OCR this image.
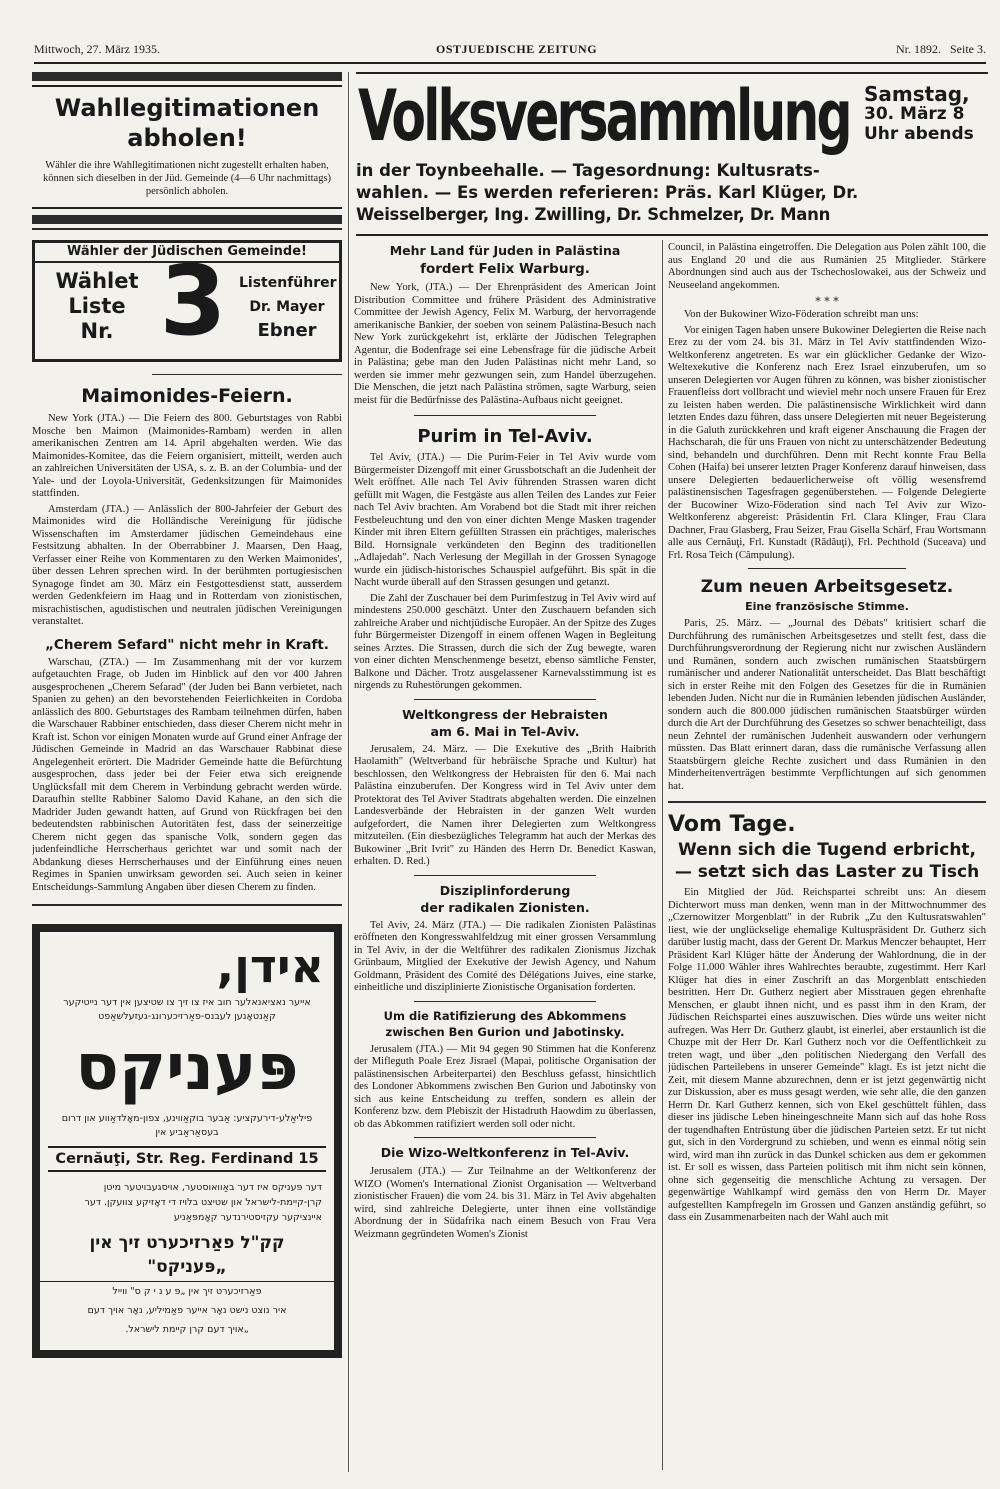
Mittwoch, 27. März 1935.	OSTJUEDISCHE ZEITUNG	Nr. 1892. Seite 3.
Wahllegitimationen
abholen!

Wähler die ihre Wahllegitimationen nicht zugestellt erhalten haben, können sich dieselben in der Jüd. Gemeinde (4—6 Uhr nachmittags) persönlich abholen.

Wähler der Jüdischen Gemeinde!
Wählet
Liste
Nr. 3 Listenführer
Dr. Mayer
Ebner
Maimonides-Feiern.

New York (JTA.) — Die Feiern des 800. Geburtstages von Rabbi Mosche ben Maimon (Maimonides-Rambam) werden in allen amerikanischen Zentren am 14. April abgehalten werden. Wie das Maimonides-Komitee, das die Feiern organisiert, mitteilt, werden auch an zahlreichen Universitäten der USA, s. z. B. an der Columbia- und der Yale- und der Loyola-Universität, Gedenksitzungen für Maimonides stattfinden.

Amsterdam (JTA.) — Anlässlich der 800-Jahrfeier der Geburt des Maimonides wird die Holländische Vereinigung für jüdische Wissenschaften im Amsterdamer jüdischen Gemeindehaus eine Festsitzung abhalten. In der Oberrabbiner J. Maarsen, Den Haag, Verfasser einer Reihe von Kommentaren zu den Werken Maimonides', über dessen Lehren sprechen wird. In der berühmten portugiesischen Synagoge findet am 30. März ein Festgottesdienst statt, ausserdem werden Gedenkfeiern im Haag und in Rotterdam von zionistischen, misrachistischen, agudistischen und neutralen jüdischen Vereinigungen veranstaltet.

„Cherem Sefard" nicht mehr in Kraft.

Warschau, (ZTA.) — Im Zusammenhang mit der vor kurzem aufgetauchten Frage, ob Juden im Hinblick auf den vor 400 Jahren ausgesprochenen „Cherem Sefarad" (der Juden bei Bann verbietet, nach Spanien zu gehen) an den bevorstehenden Feierlichkeiten in Cordoba anlässlich des 800. Geburtstages des Rambam teilnehmen dürfen, haben die Warschauer Rabbiner entschieden, dass dieser Cherem nicht mehr in Kraft ist. Schon vor einigen Monaten wurde auf Grund einer Anfrage der Jüdischen Gemeinde in Madrid an das Warschauer Rabbinat diese Angelegenheit erörtert. Die Madrider Gemeinde hatte die Befürchtung ausgesprochen, dass jeder bei der Feier etwa sich ereignende Unglücksfall mit dem Cherem in Verbindung gebracht werden würde. Daraufhin stellte Rabbiner Salomo David Kahane, an den sich die Madrider Juden gewandt hatten, auf Grund von Rückfragen bei den bedeutendsten rabbinischen Autoritäten fest, dass der seinerzeitige Cherem nicht gegen das spanische Volk, sondern gegen das judenfeindliche Herrscherhaus gerichtet war und somit nach der Abdankung dieses Herrscherhauses und der Einführung eines neuen Regimes in Spanien unwirksam geworden sei. Auch seien in keiner Entscheidungs-Sammlung Angaben über diesen Cherem zu finden.

אידן,
אייער נאציאנאלער חוב איז צו זיך צו שטיצען אין דער נייטיקער קאַנטאָנען לעבנס-פאַרזיכערונג-געזעלשאַפט
פּעניקס
פיליאַלע-דירעקציע: אַבער בוקאַווינע, צפון-מאָלדאַווע און דרום בעסאַראַביע אין
Cernăuţi, Str. Reg. Ferdinand 15
דער פּעניקס איז דער באַוואוסטער, אויסגעבויטער מיטן קרן-קיימת-לישראל און שטיצט בלויז די דאָזיקע צוועקן. דער איינציקער עקזיסטירנדער קאָמפּאַניע
קק"ל פאַרזיכערט זיך אין „פּעניקס"
פאַרזיכערט זיך אין „פּ ע נ י ק ס" ווייל
איר נוצט נישט נאָר אייער פאַמיליע, נאָר אויך דעם
„אויך דעם קרן קיימת לישראל.
Volksversammlung Samstag,
30. März 8
Uhr abends
in der Toynbeehalle. — Tagesordnung: Kultusrats-
wahlen. — Es werden referieren: Präs. Karl Klüger, Dr.
Weisselberger, Ing. Zwilling, Dr. Schmelzer, Dr. Mann
Mehr Land für Juden in Palästina
fordert Felix Warburg.

New York, (JTA.) — Der Ehrenpräsident des American Joint Distribution Committee und frühere Präsident des Administrative Committee der Jewish Agency, Felix M. Warburg, der hervorragende amerikanische Bankier, der soeben von seinem Palästina-Besuch nach New York zurückgekehrt ist, erklärte der Jüdischen Telegraphen Agentur, die Bodenfrage sei eine Lebensfrage für die jüdische Arbeit in Palästina; gebe man den Juden Palästinas nicht mehr Land, so werden sie immer mehr gezwungen sein, zum Handel überzugehen. Die Menschen, die jetzt nach Palästina strömen, sagte Warburg, seien meist für die Bedürfnisse des Palästina-Aufbaus nicht geeignet.

Purim in Tel-Aviv.

Tel Aviv, (JTA.) — Die Purim-Feier in Tel Aviv wurde vom Bürgermeister Dizengoff mit einer Grussbotschaft an die Judenheit der Welt eröffnet. Alle nach Tel Aviv führenden Strassen waren dicht gefüllt mit Wagen, die Festgäste aus allen Teilen des Landes zur Feier nach Tel Aviv brachten. Am Vorabend bot die Stadt mit ihrer reichen Festbeleuchtung und den von einer dichten Menge Masken tragender Kinder mit ihren Eltern gefüllten Strassen ein prächtiges, malerisches Bild. Hornsignale verkündeten den Beginn des traditionellen „Adlajedah". Nach Verlesung der Megillah in der Grossen Synagoge wurde ein jüdisch-historisches Schauspiel aufgeführt. Bis spät in die Nacht wurde überall auf den Strassen gesungen und getanzt.

Die Zahl der Zuschauer bei dem Purimfestzug in Tel Aviv wird auf mindestens 250.000 geschätzt. Unter den Zuschauern befanden sich zahlreiche Araber und nichtjüdische Europäer. An der Spitze des Zuges fuhr Bürgermeister Dizengoff in einem offenen Wagen in Begleitung seines Arztes. Die Strassen, durch die sich der Zug bewegte, waren von einer dichten Menschenmenge besetzt, ebenso sämtliche Fenster, Balkone und Dächer. Trotz ausgelassener Karnevalsstimmung ist es nirgends zu Ruhestörungen gekommen.

Weltkongress der Hebraisten
am 6. Mai in Tel-Aviv.

Jerusalem, 24. März. — Die Exekutive des „Brith Haibrith Haolamith" (Weltverband für hebräische Sprache und Kultur) hat beschlossen, den Weltkongress der Hebraisten für den 6. Mai nach Palästina einzuberufen. Der Kongress wird in Tel Aviv unter dem Protektorat des Tel Aviver Stadtrats abgehalten werden. Die einzelnen Landesverbände der Hebraisten in der ganzen Welt wurden aufgefordert, die Namen ihrer Delegierten zum Weltkongress mitzuteilen. (Ein diesbezügliches Telegramm hat auch der Merkas des Bukowiner „Brit Ivrit" zu Händen des Herrn Dr. Benedict Kaswan, erhalten. D. Red.)

Disziplinforderung
der radikalen Zionisten.

Tel Aviv, 24. März (JTA.) — Die radikalen Zionisten Palästinas eröffneten den Kongresswahlfeldzug mit einer grossen Versammlung in Tel Aviv, in der die Weltführer des radikalen Zionismus Jizchak Grünbaum, Mitglied der Exekutive der Jewish Agency, und Nahum Goldmann, Präsident des Comité des Délégations Juives, eine starke, einheitliche und disziplinierte Zionistische Organisation forderten.

Um die Ratifizierung des Abkommens
zwischen Ben Gurion und Jabotinsky.

Jerusalem (JTA.) — Mit 94 gegen 90 Stimmen hat die Konferenz der Mifleguth Poale Erez Jisrael (Mapai, politische Organisation der palästinensischen Arbeiterpartei) den Beschluss gefasst, hinsichtlich des Londoner Abkommens zwischen Ben Gurion und Jabotinsky von sich aus keine Entscheidung zu treffen, sondern es allein der Konferenz bzw. dem Plebiszit der Histadruth Haowdim zu überlassen, ob das Abkommen ratifiziert werden soll oder nicht.

Die Wizo-Weltkonferenz in Tel-Aviv.

Jerusalem (JTA.) — Zur Teilnahme an der Weltkonferenz der WIZO (Women's International Zionist Organisation — Weltverband zionistischer Frauen) die vom 24. bis 31. März in Tel Aviv abgehalten wird, sind zahlreiche Delegierte, unter ihnen eine vollständige Abordnung der in Südafrika nach einem Besuch von Frau Vera Weizmann gegründeten Women's Zionist

Council, in Palästina eingetroffen. Die Delegation aus Polen zählt 100, die aus England 20 und die aus Rumänien 25 Mitglieder. Stärkere Abordnungen sind auch aus der Tschechoslowakei, aus der Schweiz und Neuseeland angekommen.

* * *

Von der Bukowiner Wizo-Föderation schreibt man uns:

Vor einigen Tagen haben unsere Bukowiner Delegierten die Reise nach Erez zu der vom 24. bis 31. März in Tel Aviv stattfindenden Wizo-Weltkonferenz angetreten. Es war ein glücklicher Gedanke der Wizo-Weltexekutive die Konferenz nach Erez Israel einzuberufen, um so unseren Delegierten vor Augen führen zu können, was bisher zionistischer Frauenfleiss dort vollbracht und wieviel mehr noch unsere Frauen für Erez zu leisten haben werden. Die palästinensische Wirklichkeit wird dann letzten Endes dazu führen, dass unsere Delegierten mit neuer Begeisterung in die Galuth zurückkehren und kraft eigener Anschauung die Fragen der Hachscharah, die für uns Frauen von nicht zu unterschätzender Bedeutung sind, behandeln und durchführen. Denn mit Recht konnte Frau Bella Cohen (Haifa) bei unserer letzten Prager Konferenz darauf hinweisen, dass unsere Delegierten bedauerlicherweise oft völlig wesensfremd palästinensischen Tagesfragen gegenüberstehen. — Folgende Delegierte der Bucowiner Wizo-Föderation sind nach Tel Aviv zur Wizo-Weltkonferenz abgereist: Präsidentin Frl. Clara Klinger, Frau Clara Dachner, Frau Glasberg, Frau Seizer, Frau Gisella Schärf, Frau Wortsmann alle aus Cernăuţi, Frl. Kunstadt (Rădăuţi), Frl. Pechthold (Suceava) und Frl. Rosa Teich (Câmpulung).

Zum neuen Arbeitsgesetz.
Eine französische Stimme.

Paris, 25. März. — „Journal des Débats" kritisiert scharf die Durchführung des rumänischen Arbeitsgesetzes und stellt fest, dass die Durchführungsverordnung der Regierung nicht nur zwischen Ausländern und Rumänen, sondern auch zwischen rumänischen Staatsbürgern rumänischer und anderer Nationalität unterscheidet. Das Blatt beschäftigt sich in erster Reihe mit den Folgen des Gesetzes für die in Rumänien lebenden Juden. Nicht nur die in Rumänien lebenden jüdischen Ausländer, sondern auch die 800.000 jüdischen rumänischen Staatsbürger würden durch die Art der Durchführung des Gesetzes so schwer benachteiligt, dass neun Zehntel der rumänischen Judenheit auswandern oder verhungern müssten. Das Blatt erinnert daran, dass die rumänische Verfassung allen Staatsbürgern gleiche Rechte zusichert und dass Rumänien in den Minderheitenverträgen bestimmte Verpflichtungen auf sich genommen hat.

Vom Tage.
Wenn sich die Tugend erbricht,
— setzt sich das Laster zu Tisch

Ein Mitglied der Jüd. Reichspartei schreibt uns: An diesem Dichterwort muss man denken, wenn man in der Mittwochnummer des „Czernowitzer Morgenblatt" in der Rubrik „Zu den Kultusratswahlen" liest, wie der unglückselige ehemalige Kultuspräsident Dr. Gutherz sich darüber lustig macht, dass der Gerent Dr. Markus Menczer behauptet, Herr Präsident Karl Klüger hätte der Änderung der Wahlordnung, die in der Folge 11.000 Wähler ihres Wahlrechtes beraubte, zugestimmt. Herr Karl Klüger hat dies in einer Zuschrift an das Morgenblatt entschieden bestritten. Herr Dr. Gutherz negiert aber Misstrauen gegen ehrenhafte Menschen, er glaubt ihnen nicht, und es passt ihm in den Kram, der Jüdischen Reichspartei eines auszuwischen. Dies würde uns weiter nicht aufregen. Was Herr Dr. Gutherz glaubt, ist einerlei, aber erstaunlich ist die Chuzpe mit der Herr Dr. Karl Gutherz noch vor die Oeffentlichkeit zu treten wagt, und über „den politischen Niedergang den Verfall des jüdischen Parteilebens in unserer Gemeinde" klagt. Es ist jetzt nicht die Zeit, mit diesem Manne abzurechnen, denn er ist jetzt gegenwärtig nicht zur Diskussion, aber es muss gesagt werden, wie sehr alle, die den ganzen Herrn Dr. Karl Gutherz kennen, sich von Ekel geschüttelt fühlen, dass dieser ins jüdische Leben hineingeschneite Mann sich auf das hohe Ross der tugendhaften Entrüstung über die jüdischen Parteien setzt. Er tut nicht gut, sich in den Vordergrund zu schieben, und wenn es einmal nötig sein wird, wird man ihn zurück in das Dunkel schicken aus dem er gekommen ist. Er soll es wissen, dass Parteien politisch mit ihm nicht sein können, ohne sich gegenseitig die menschliche Achtung zu versagen. Der gegenwärtige Wahlkampf wird gemäss den von Herrn Dr. Mayer aufgestellten Kampfregeln im Grossen und Ganzen anständig geführt, so dass ein Zusammenarbeiten nach der Wahl auch mit
